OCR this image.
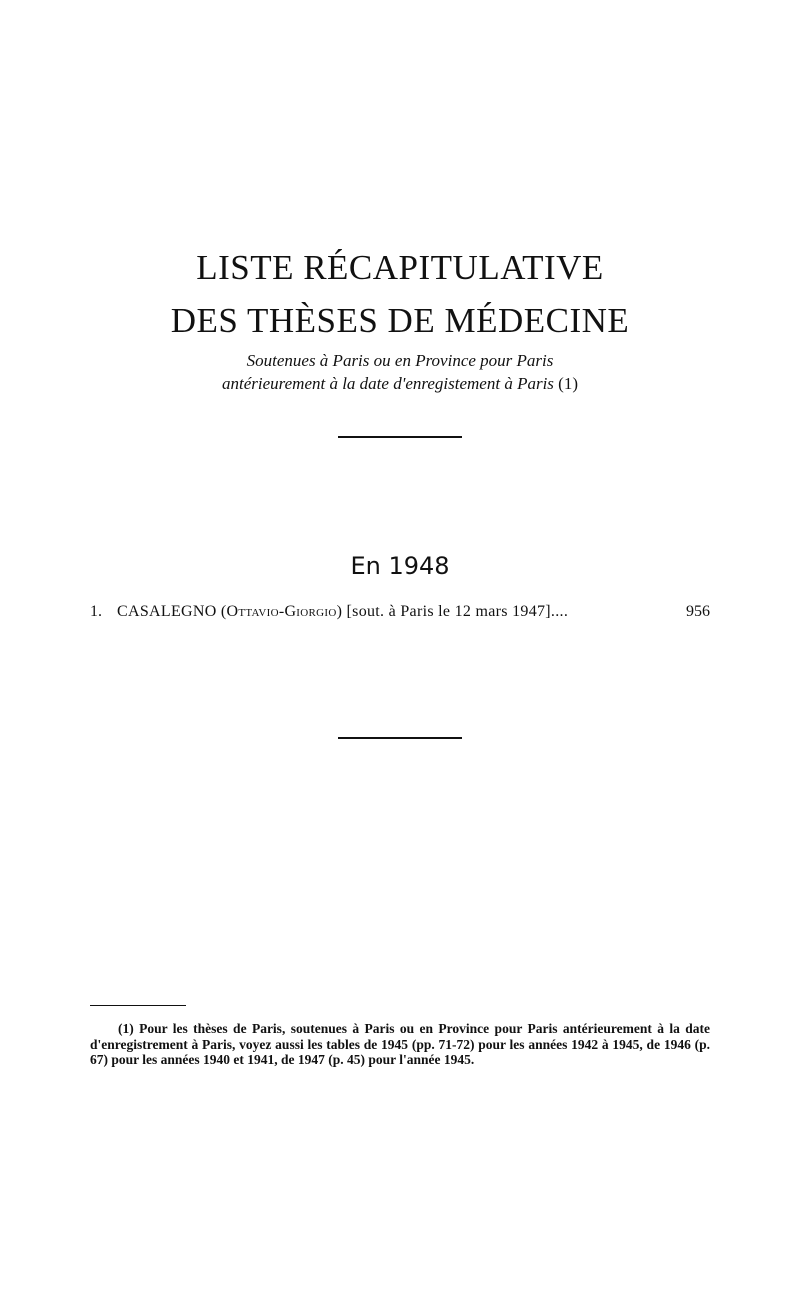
LISTE RÉCAPITULATIVE
DES THÈSES DE MÉDECINE
Soutenues à Paris ou en Province pour Paris
antérieurement à la date d'enregistement à Paris (1)
En 1948
1. CASALEGNO (Ottavio-Giorgio) [sout. à Paris le 12 mars 1947]....	956

(1) Pour les thèses de Paris, soutenues à Paris ou en Province pour Paris antérieurement à la date d'enregistrement à Paris, voyez aussi les tables de 1945 (pp. 71-72) pour les années 1942 à 1945, de 1946 (p. 67) pour les années 1940 et 1941, de 1947 (p. 45) pour l'année 1945.
